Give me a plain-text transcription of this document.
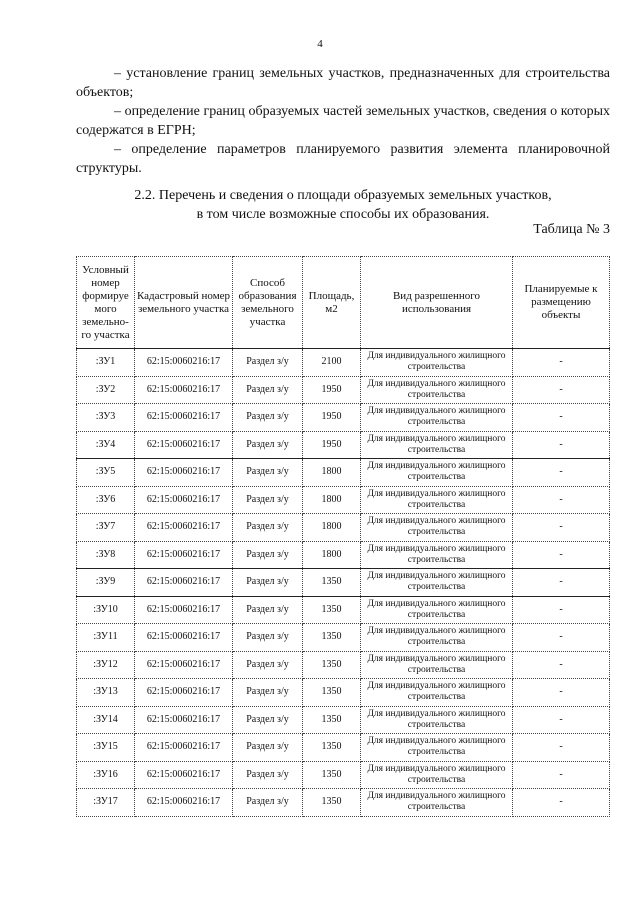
4
– установление границ земельных участков, предназначенных для строительства объектов;
– определение границ образуемых частей земельных участков, сведения о которых содержатся в ЕГРН;
– определение параметров планируемого развития элемента планировочной структуры.
2.2. Перечень и сведения о площади образуемых земельных участков,
в том числе возможные способы их образования.
Таблица № 3
Условный номер формируе мого земельно- го участка	Кадастровый номер земельного участка	Способ образования земельного участка	Площадь, м2	Вид разрешенного использования	Планируемые к размещению объекты
:ЗУ1	62:15:0060216:17	Раздел з/у	2100	Для индивидуального жилищного строительства	-
:ЗУ2	62:15:0060216:17	Раздел з/у	1950	Для индивидуального жилищного строительства	-
:ЗУ3	62:15:0060216:17	Раздел з/у	1950	Для индивидуального жилищного строительства	-
:ЗУ4	62:15:0060216:17	Раздел з/у	1950	Для индивидуального жилищного строительства	-
:ЗУ5	62:15:0060216:17	Раздел з/у	1800	Для индивидуального жилищного строительства	-
:ЗУ6	62:15:0060216:17	Раздел з/у	1800	Для индивидуального жилищного строительства	-
:ЗУ7	62:15:0060216:17	Раздел з/у	1800	Для индивидуального жилищного строительства	-
:ЗУ8	62:15:0060216:17	Раздел з/у	1800	Для индивидуального жилищного строительства	-
:ЗУ9	62:15:0060216:17	Раздел з/у	1350	Для индивидуального жилищного строительства	-
:ЗУ10	62:15:0060216:17	Раздел з/у	1350	Для индивидуального жилищного строительства	-
:ЗУ11	62:15:0060216:17	Раздел з/у	1350	Для индивидуального жилищного строительства	-
:ЗУ12	62:15:0060216:17	Раздел з/у	1350	Для индивидуального жилищного строительства	-
:ЗУ13	62:15:0060216:17	Раздел з/у	1350	Для индивидуального жилищного строительства	-
:ЗУ14	62:15:0060216:17	Раздел з/у	1350	Для индивидуального жилищного строительства	-
:ЗУ15	62:15:0060216:17	Раздел з/у	1350	Для индивидуального жилищного строительства	-
:ЗУ16	62:15:0060216:17	Раздел з/у	1350	Для индивидуального жилищного строительства	-
:ЗУ17	62:15:0060216:17	Раздел з/у	1350	Для индивидуального жилищного строительства	-
